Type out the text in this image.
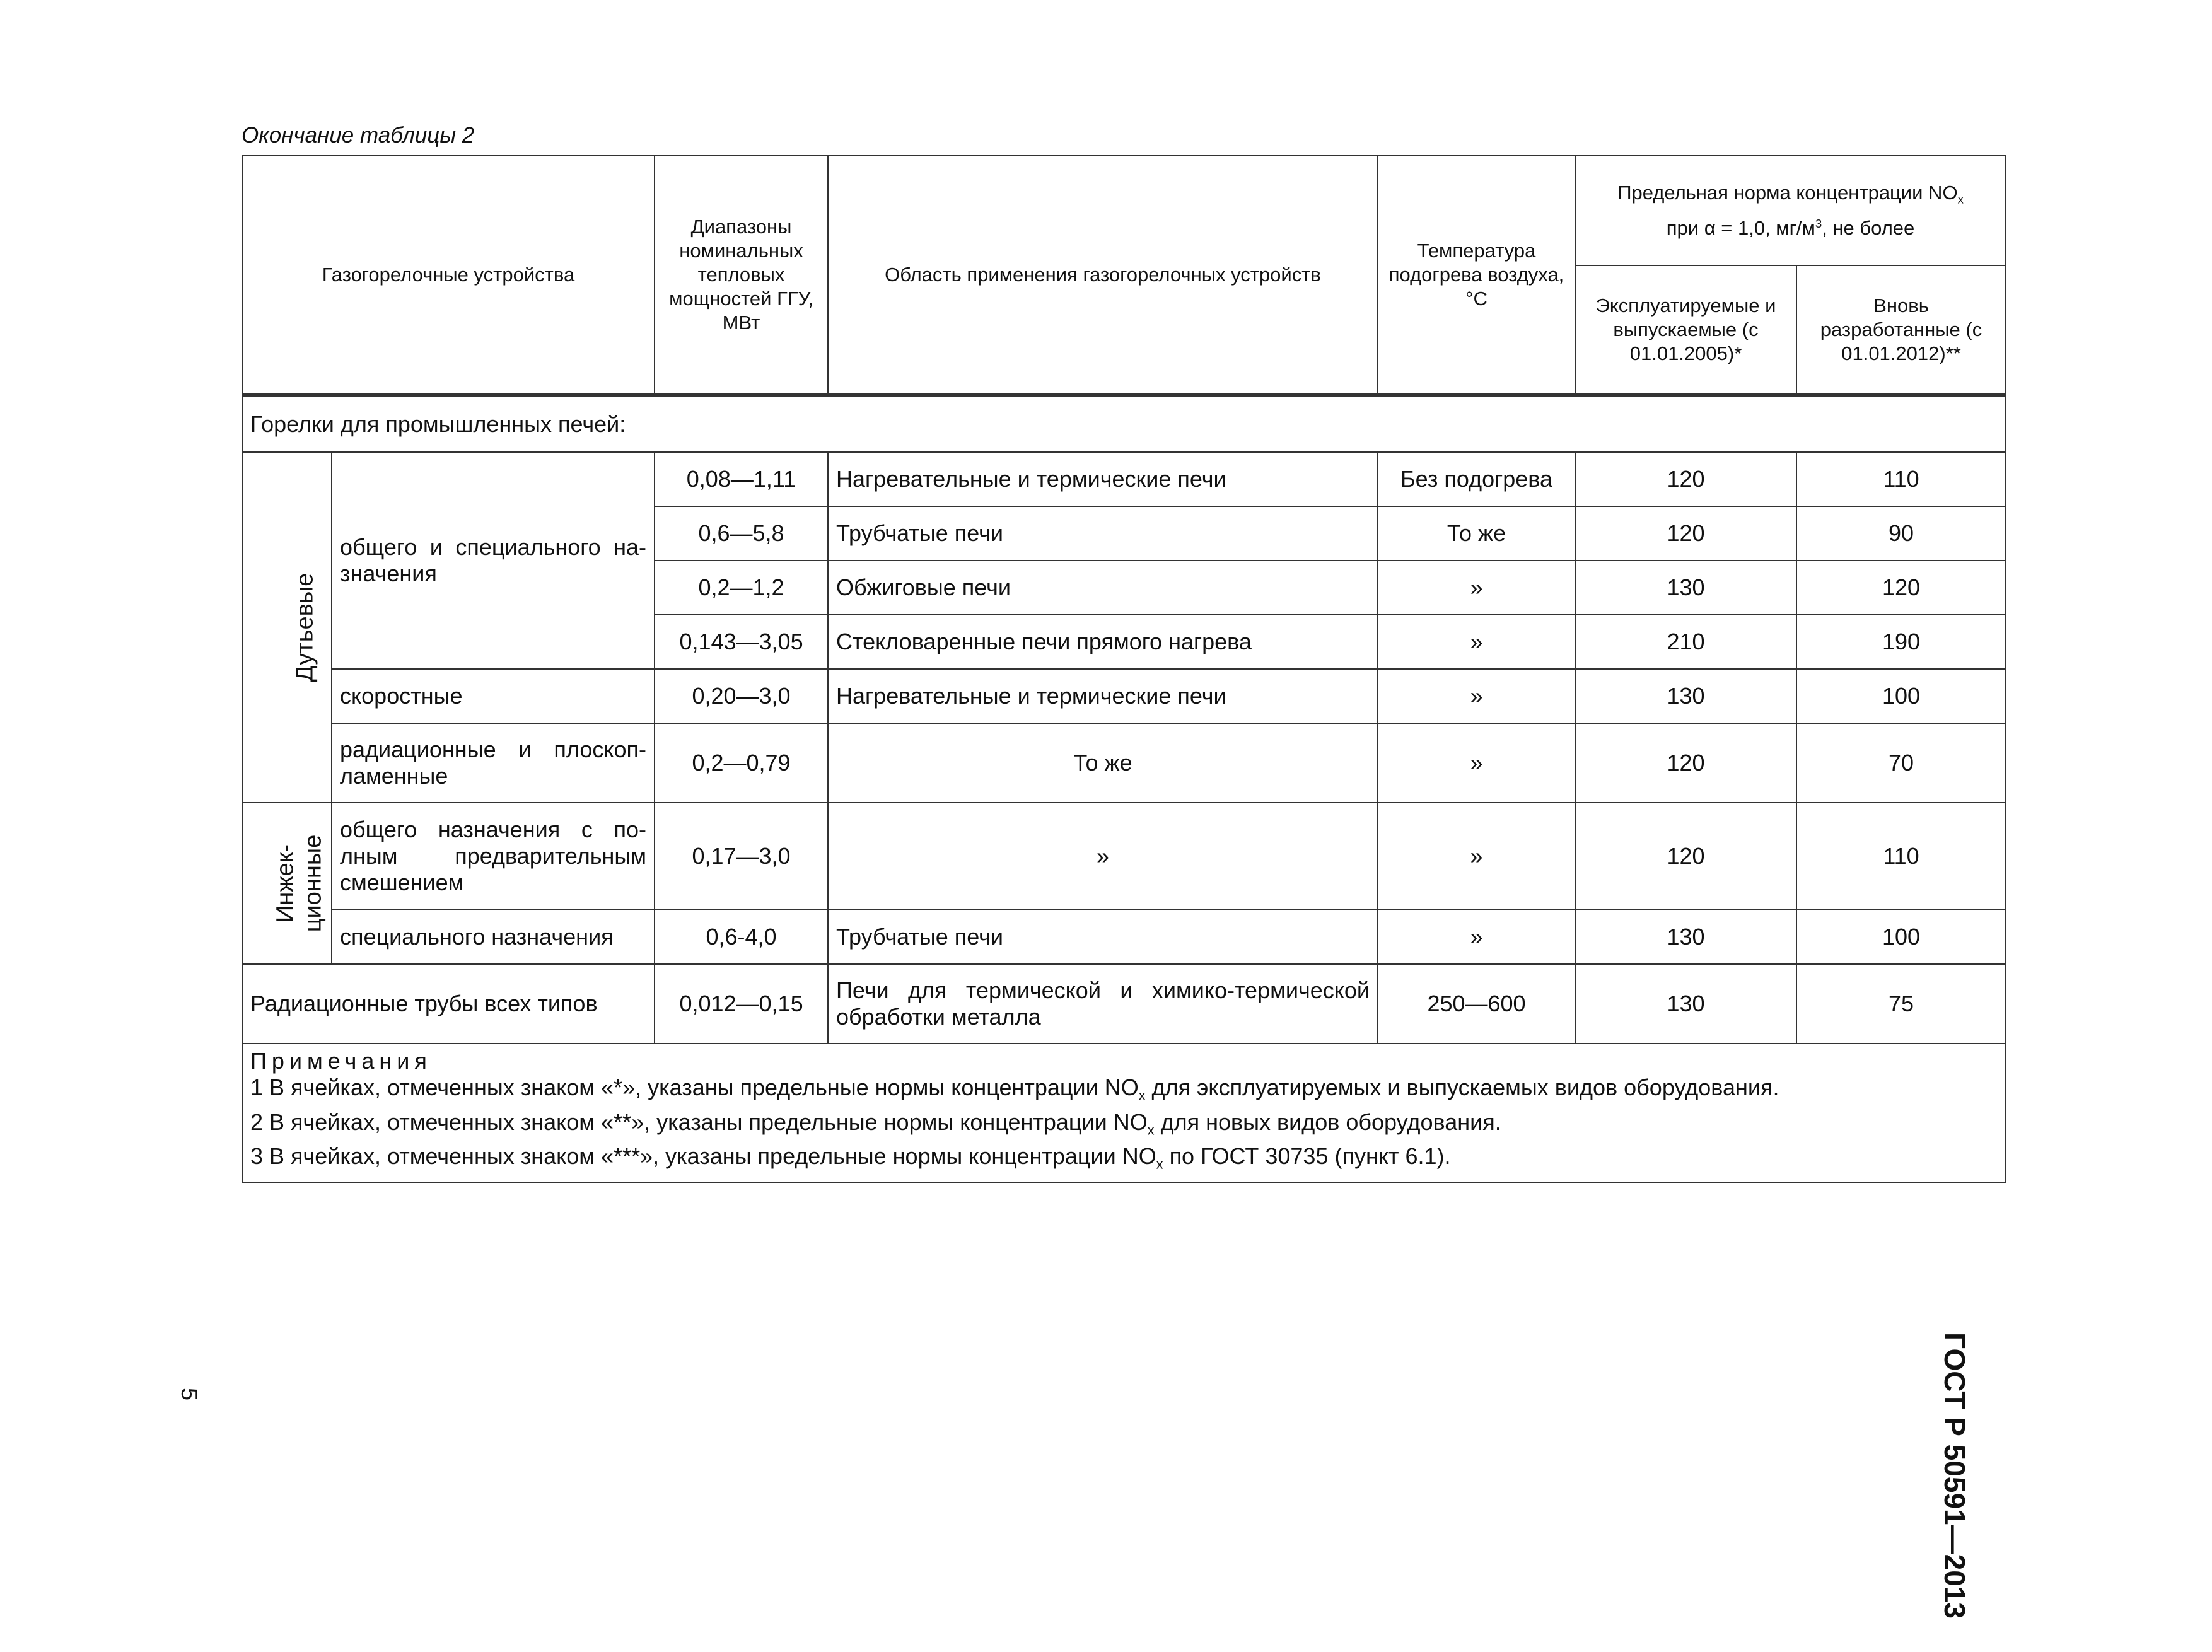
Окончание таблицы 2
Газогорелочные устройства		Диапазоны номинальных тепловых мощностей ГГУ, МВт	Область применения газогорелочных устройств	Температура подогрева воздуха, °С	Предельная норма концентрации $NO_x$
при α = 1,0, $мг/м^3$, не более	
					Эксплуатируемые и выпускаемые (с 01.01.2005)*	Вновь разработанные (с 01.01.2012)**
Горелки для промышленных печей:						
Дутьевые	общего и специального на-значения	0,08—1,11	Нагревательные и термические печи	Без подогрева	120	110
		0,6—5,8	Трубчатые печи	То же	120	90
		0,2—1,2	Обжиговые печи	»	130	120
		0,143—3,05	Стекловаренные печи прямого нагрева	»	210	190
	скоростные	0,20—3,0	Нагревательные и термические печи	»	130	100
	радиационные и плоскоп-ламенные	0,2—0,79	То же	»	120	70
Инжек-
ционные	общего назначения с по-лным предварительным смешением	0,17—3,0	»	»	120	110
	специального назначения	0,6-4,0	Трубчатые печи	»	130	100
Радиационные трубы всех типов		0,012—0,15	Печи для термической и химико-термической обработки металла	250—600	130	75

Примечания
1 В ячейках, отмеченных знаком «*», указаны предельные нормы концентрации $NO_x$ для эксплуатируемых и выпускаемых видов оборудования.
2 В ячейках, отмеченных знаком «**», указаны предельные нормы концентрации $NO_x$ для новых видов оборудования.
3 В ячейках, отмеченных знаком «***», указаны предельные нормы концентрации $NO_x$ по ГОСТ 30735 (пункт 6.1).						
ГОСТ Р 50591—2013
5
